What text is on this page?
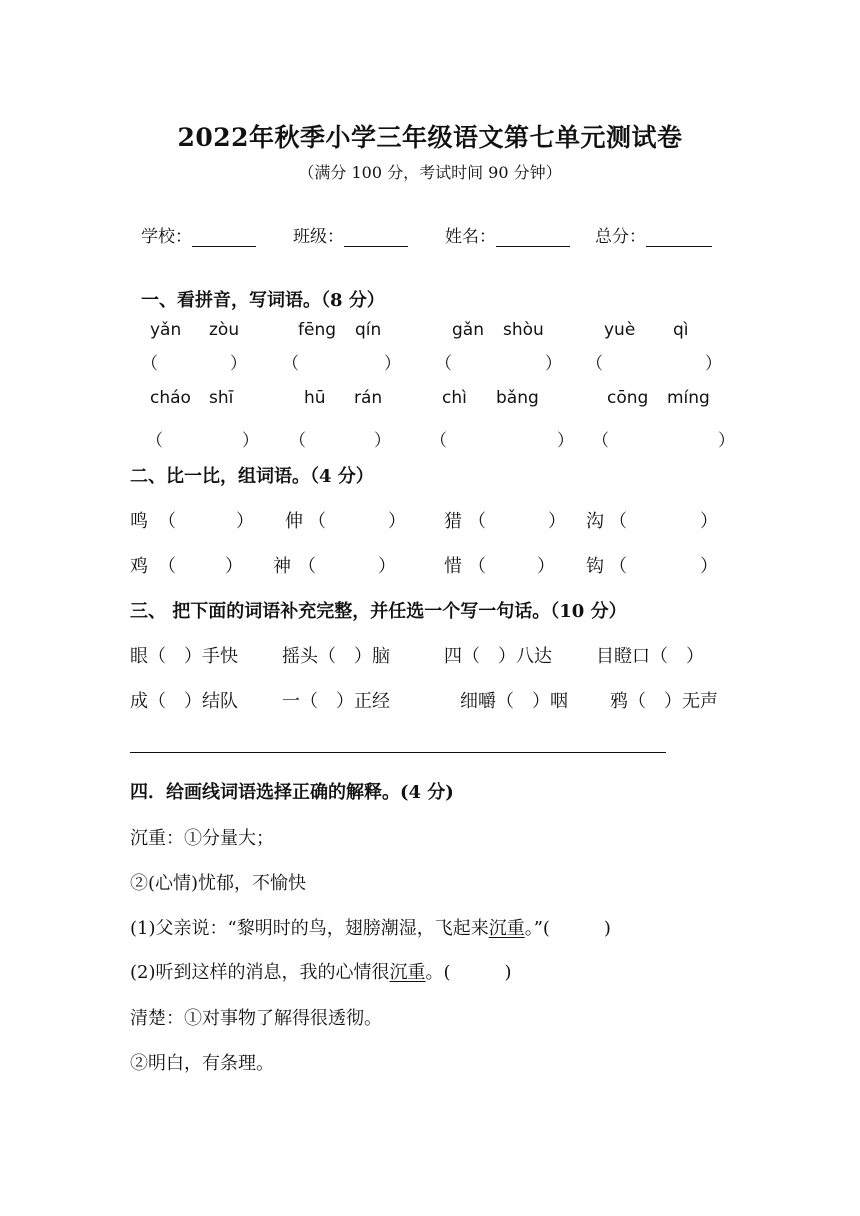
2022年秋季小学三年级语文第七单元测试卷
（满分 100 分，考试时间 90 分钟）
学校：	班级：	姓名：	总分：
一、看拼音，写词语。（8 分）
yǎn zòu	fēng qín	gǎn shòu	yuè qì
（	） （	） （	） （	）
cháo shī	hū rán	chì bǎng	cōng míng
（	） （	） （	） （	）
二、比一比，组词语。（4 分）
鸣 （	） 伸 （	） 猎 （	） 沟 （	）
鸡 （	） 神 （	）	惜 （	） 钩 （	）
三、 把下面的词语补充完整，并任选一个写一句话。（10 分）
眼（　）手快 摇头（　）脑	四（　）八达 目瞪口（　）
成（　）结队 一（　）正经	细嚼（　）咽 鸦（　）无声
四．给画线词语选择正确的解释。(4 分)
沉重：①分量大；
②(心情)忧郁，不愉快
(1)父亲说：“黎明时的鸟，翅膀潮湿，飞起来沉重。”(　　　)
(2)听到这样的消息，我的心情很沉重。(　　　)
清楚：①对事物了解得很透彻。
②明白，有条理。
